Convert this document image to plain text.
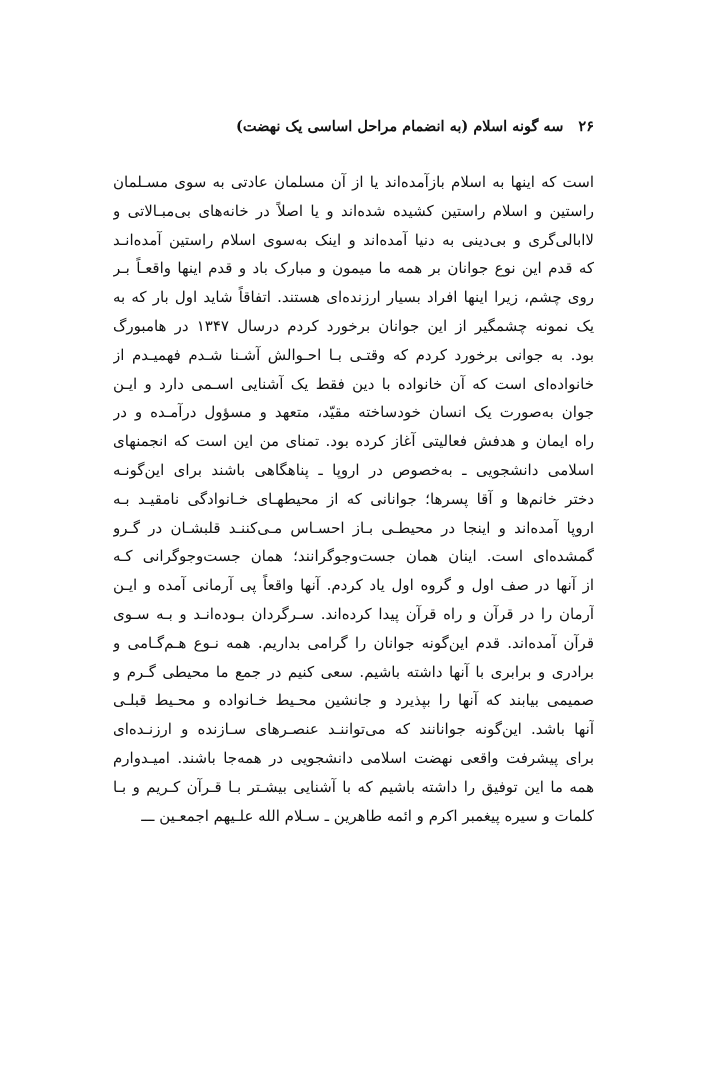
۲۶ سه گونه اسلام (به انضمام مراحل اساسی یک نهضت)
است که اینها به اسلام بازآمده‌اند یا از آن مسلمان عادتی به سوی مسـلمان
راستین و اسلام راستین کشیده شده‌اند و یا اصلاً در خانه‌های بی‌مبـالاتی و
لاابالی‌گری و بی‌دینی به دنیا آمده‌اند و اینک به‌سوی اسلام راستین آمده‌انـد
که قدم این نوع جوانان بر همه ما میمون و مبارک باد و قدم اینها واقعـاً بـر
روی چشم، زیرا اینها افراد بسیار ارزنده‌ای هستند. اتفاقاً شاید اول بار که به
یک نمونه چشمگیر از این جوانان برخورد کردم درسال ۱۳۴۷ در هامبورگ
بود. به جوانی برخورد کردم که وقتـی بـا احـوالش آشـنا شـدم فهمیـدم از
خانواده‌ای است که آن خانواده با دین فقط یک آشنایی اسـمی دارد و ایـن
جوان به‌صورت یک انسان خودساخته مقیّد، متعهد و مسؤول درآمـده و در
راه ایمان و هدفش فعالیتی آغاز کرده بود. تمنای من این است که انجمنهای
اسلامی دانشجویی ـ به‌خصوص در اروپا ـ پناهگاهی باشند برای این‌گونـه
دختر خانم‌ها و آقا پسرها؛ جوانانی که از محیطهـای خـانوادگی نامقیـد بـه
اروپا آمده‌اند و اینجا در محیطـی بـاز احسـاس مـی‌کننـد قلبشـان در گـرو
گمشده‌ای است. اینان همان جست‌وجوگرانند؛ همان جست‌وجوگرانی کـه
از آنها در صف اول و گروه اول یاد کردم. آنها واقعاً پی آرمانی آمده و ایـن
آرمان را در قرآن و راه قرآن پیدا کرده‌اند. سـرگردان بـوده‌انـد و بـه سـوی
قرآن آمده‌اند. قدم این‌گونه جوانان را گرامی بداریم. همه نـوع هـم‌گـامی و
برادری و برابری با آنها داشته باشیم. سعی کنیم در جمع ما محیطی گـرم و
صمیمی بیابند که آنها را بپذیرد و جانشین محـیط خـانواده و محـیط قبلـی
آنها باشد. این‌گونه جوانانند که می‌تواننـد عنصـرهای سـازنده و ارزنـده‌ای
برای پیشرفت واقعی نهضت اسلامی دانشجویی در همه‌جا باشند. امیـدوارم
همه ما این توفیق را داشته باشیم که با آشنایی بیشـتر بـا قـرآن کـریم و بـا
کلمات و سیره پیغمبر اکرم و ائمه طاهرین ـ سـلام الله علـیهم اجمعـین ـــ
